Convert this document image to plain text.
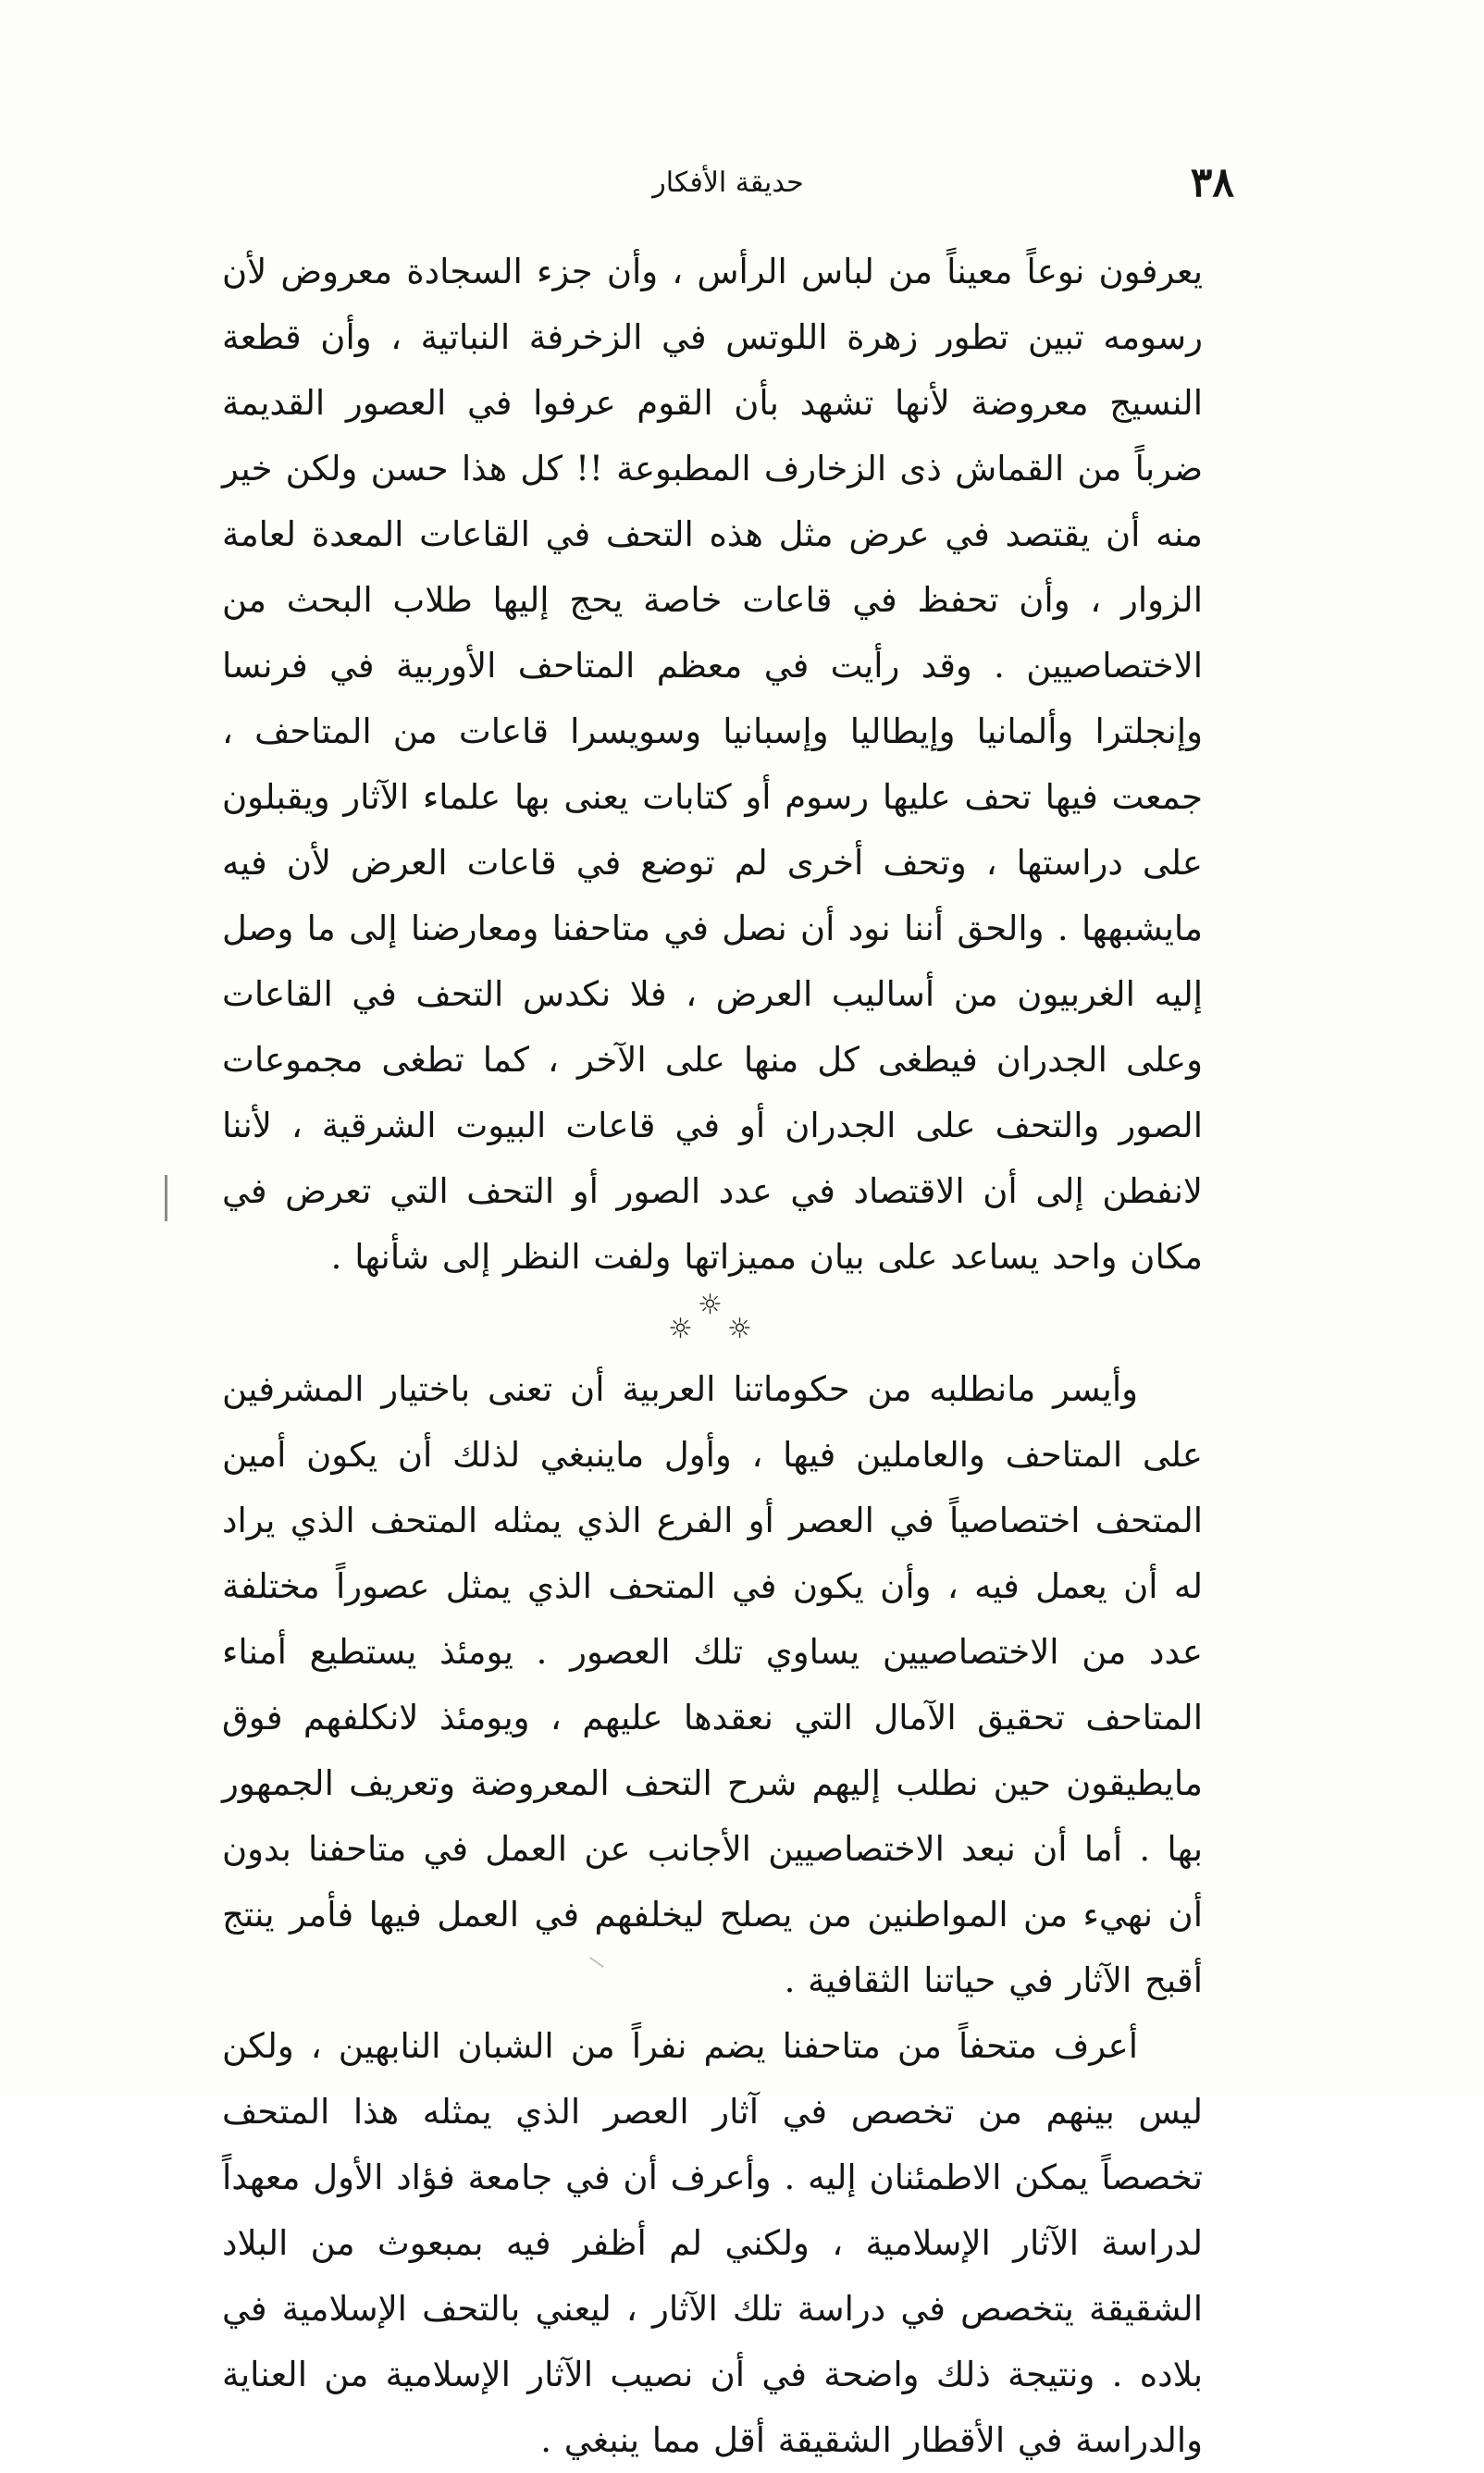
٣٨
حديقة الأفكار

يعرفون نوعاً معيناً من لباس الرأس ، وأن جزء السجادة معروض لأن رسومه تبين تطور زهرة اللوتس في الزخرفة النباتية ، وأن قطعة النسيج معروضة لأنها تشهد بأن القوم عرفوا في العصور القديمة ضرباً من القماش ذى الزخارف المطبوعة !! كل هذا حسن ولكن خير منه أن يقتصد في عرض مثل هذه التحف في القاعات المعدة لعامة الزوار ، وأن تحفظ في قاعات خاصة يحج إليها طلاب البحث من الاختصاصيين . وقد رأيت في معظم المتاحف الأوربية في فرنسا وإنجلترا وألمانيا وإيطاليا وإسبانيا وسويسرا قاعات من المتاحف ، جمعت فيها تحف عليها رسوم أو كتابات يعنى بها علماء الآثار ويقبلون على دراستها ، وتحف أخرى لم توضع في قاعات العرض لأن فيه مايشبهها . والحق أننا نود أن نصل في متاحفنا ومعارضنا إلى ما وصل إليه الغربيون من أساليب العرض ، فلا نكدس التحف في القاعات وعلى الجدران فيطغى كل منها على الآخر ، كما تطغى مجموعات الصور والتحف على الجدران أو في قاعات البيوت الشرقية ، لأننا لانفطن إلى أن الاقتصاد في عدد الصور أو التحف التي تعرض في مكان واحد يساعد على بيان مميزاتها ولفت النظر إلى شأنها .

☼
☼ ☼

وأيسر مانطلبه من حكوماتنا العربية أن تعنى باختيار المشرفين على المتاحف والعاملين فيها ، وأول ماينبغي لذلك أن يكون أمين المتحف اختصاصياً في العصر أو الفرع الذي يمثله المتحف الذي يراد له أن يعمل فيه ، وأن يكون في المتحف الذي يمثل عصوراً مختلفة عدد من الاختصاصيين يساوي تلك العصور . يومئذ يستطيع أمناء المتاحف تحقيق الآمال التي نعقدها عليهم ، ويومئذ لانكلفهم فوق مايطيقون حين نطلب إليهم شرح التحف المعروضة وتعريف الجمهور بها . أما أن نبعد الاختصاصيين الأجانب عن العمل في متاحفنا بدون أن نهيء من المواطنين من يصلح ليخلفهم في العمل فيها فأمر ينتج أقبح الآثار في حياتنا الثقافية .

أعرف متحفاً من متاحفنا يضم نفراً من الشبان النابهين ، ولكن ليس بينهم من تخصص في آثار العصر الذي يمثله هذا المتحف تخصصاً يمكن الاطمئنان إليه . وأعرف أن في جامعة فؤاد الأول معهداً لدراسة الآثار الإسلامية ، ولكني لم أظفر فيه بمبعوث من البلاد الشقيقة يتخصص في دراسة تلك الآثار ، ليعني بالتحف الإسلامية في بلاده . ونتيجة ذلك واضحة في أن نصيب الآثار الإسلامية من العناية والدراسة في الأقطار الشقيقة أقل مما ينبغي .
